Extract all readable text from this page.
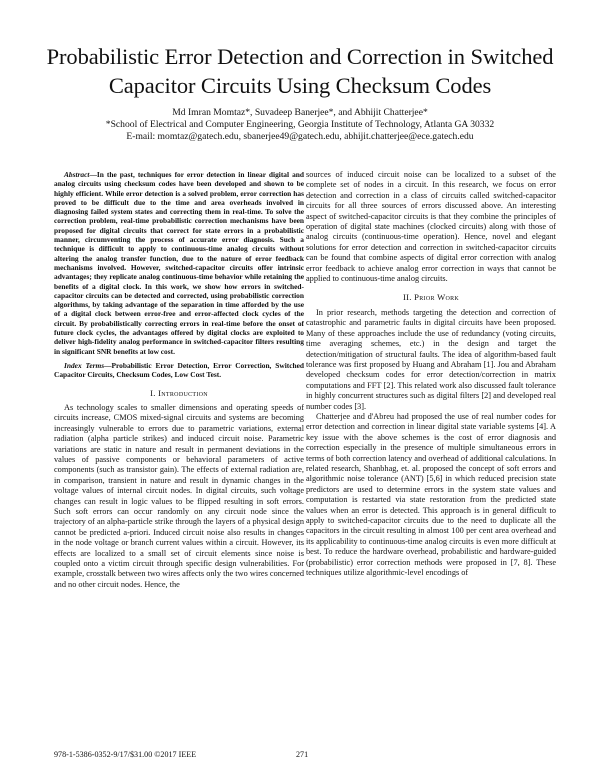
Probabilistic Error Detection and Correction in Switched Capacitor Circuits Using Checksum Codes
Md Imran Momtaz*, Suvadeep Banerjee*, and Abhijit Chatterjee*
*School of Electrical and Computer Engineering, Georgia Institute of Technology, Atlanta GA 30332
E-mail: momtaz@gatech.edu, sbanerjee49@gatech.edu, abhijit.chatterjee@ece.gatech.edu

Abstract—In the past, techniques for error detection in linear digital and analog circuits using checksum codes have been developed and shown to be highly efficient. While error detection is a solved problem, error correction has proved to be difficult due to the time and area overheads involved in diagnosing failed system states and correcting them in real-time. To solve the correction problem, real-time probabilistic correction mechanisms have been proposed for digital circuits that correct for state errors in a probabilistic manner, circumventing the process of accurate error diagnosis. Such a technique is difficult to apply to continuous-time analog circuits without altering the analog transfer function, due to the nature of error feedback mechanisms involved. However, switched-capacitor circuits offer intrinsic advantages; they replicate analog continuous-time behavior while retaining the benefits of a digital clock. In this work, we show how errors in switched-capacitor circuits can be detected and corrected, using probabilistic correction algorithms, by taking advantage of the separation in time afforded by the use of a digital clock between error-free and error-affected clock cycles of the circuit. By probabilistically correcting errors in real-time before the onset of future clock cycles, the advantages offered by digital clocks are exploited to deliver high-fidelity analog performance in switched-capacitor filters resulting in significant SNR benefits at low cost.

Index Terms—Probabilistic Error Detection, Error Correction, Switched Capacitor Circuits, Checksum Codes, Low Cost Test.

I. Introduction

As technology scales to smaller dimensions and operating speeds of circuits increase, CMOS mixed-signal circuits and systems are becoming increasingly vulnerable to errors due to parametric variations, external radiation (alpha particle strikes) and induced circuit noise. Parametric variations are static in nature and result in permanent deviations in the values of passive components or behavioral parameters of active components (such as transistor gain). The effects of external radiation are, in comparison, transient in nature and result in dynamic changes in the voltage values of internal circuit nodes. In digital circuits, such voltage changes can result in logic values to be flipped resulting in soft errors. Such soft errors can occur randomly on any circuit node since the trajectory of an alpha-particle strike through the layers of a physical design cannot be predicted a-priori. Induced circuit noise also results in changes in the node voltage or branch current values within a circuit. However, its effects are localized to a small set of circuit elements since noise is coupled onto a victim circuit through specific design vulnerabilities. For example, crosstalk between two wires affects only the two wires concerned and no other circuit nodes. Hence, the

sources of induced circuit noise can be localized to a subset of the complete set of nodes in a circuit. In this research, we focus on error detection and correction in a class of circuits called switched-capacitor circuits for all three sources of errors discussed above. An interesting aspect of switched-capacitor circuits is that they combine the principles of operation of digital state machines (clocked circuits) along with those of analog circuits (continuous-time operation). Hence, novel and elegant solutions for error detection and correction in switched-capacitor circuits can be found that combine aspects of digital error correction with analog error feedback to achieve analog error correction in ways that cannot be applied to continuous-time analog circuits.

II. Prior Work

In prior research, methods targeting the detection and correction of catastrophic and parametric faults in digital circuits have been proposed. Many of these approaches include the use of redundancy (voting circuits, time averaging schemes, etc.) in the design and target the detection/mitigation of structural faults. The idea of algorithm-based fault tolerance was first proposed by Huang and Abraham [1]. Jou and Abraham developed checksum codes for error detection/correction in matrix computations and FFT [2]. This related work also discussed fault tolerance in highly concurrent structures such as digital filters [2] and developed real number codes [3].

Chatterjee and d'Abreu had proposed the use of real number codes for error detection and correction in linear digital state variable systems [4]. A key issue with the above schemes is the cost of error diagnosis and correction especially in the presence of multiple simultaneous errors in terms of both correction latency and overhead of additional calculations. In related research, Shanbhag, et. al. proposed the concept of soft errors and algorithmic noise tolerance (ANT) [5,6] in which reduced precision state predictors are used to determine errors in the system state values and computation is restarted via state restoration from the predicted state values when an error is detected. This approach is in general difficult to apply to switched-capacitor circuits due to the need to duplicate all the capacitors in the circuit resulting in almost 100 per cent area overhead and its applicability to continuous-time analog circuits is even more difficult at best. To reduce the hardware overhead, probabilistic and hardware-guided (probabilistic) error correction methods were proposed in [7, 8]. These techniques utilize algorithmic-level encodings of

978-1-5386-0352-9/17/$31.00 ©2017 IEEE	271
